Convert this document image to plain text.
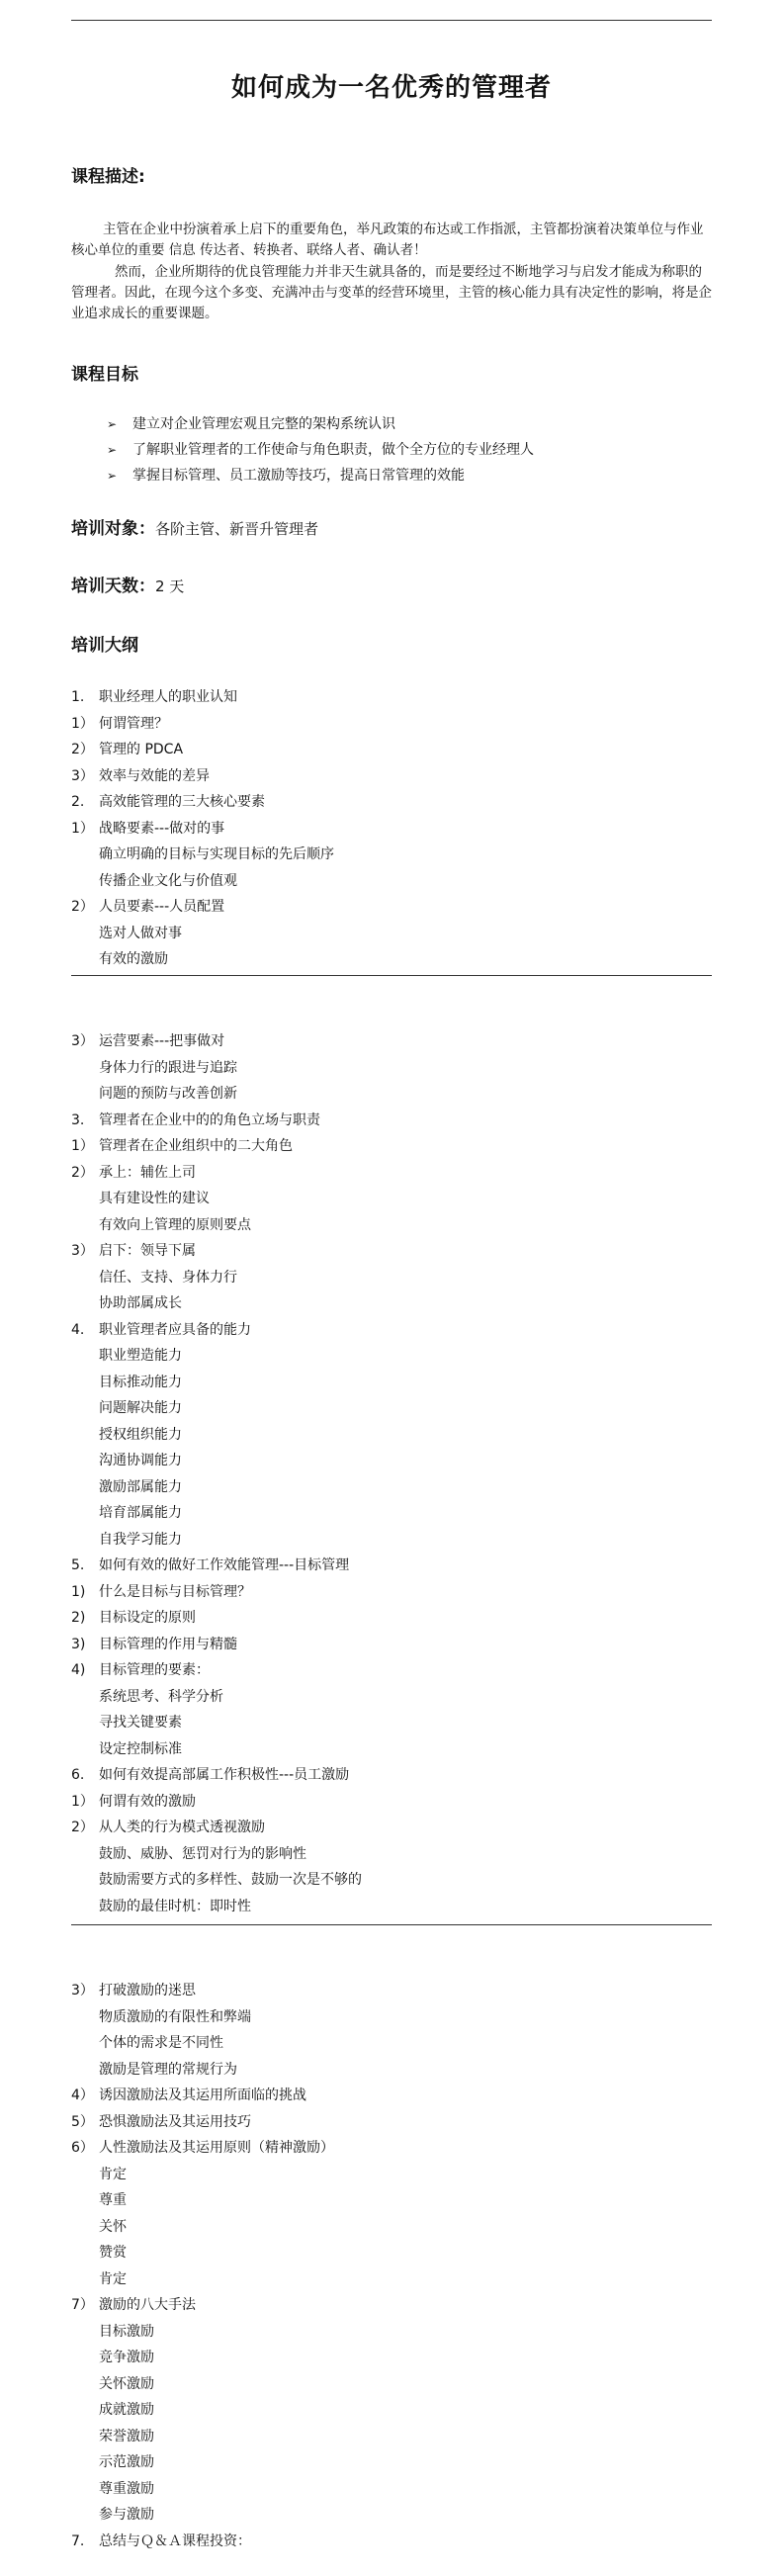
如何成为一名优秀的管理者
课程描述:
主管在企业中扮演着承上启下的重要角色，举凡政策的布达或工作指派，主管都扮演着决策单位与作业核心单位的重要 信息 传达者、转换者、联络人者、确认者！
然而，企业所期待的优良管理能力并非天生就具备的，而是要经过不断地学习与启发才能成为称职的管理者。因此，在现今这个多变、充满冲击与变革的经营环境里，主管的核心能力具有决定性的影响，将是企业追求成长的重要课题。
课程目标
➢ 建立对企业管理宏观且完整的架构系统认识
➢ 了解职业管理者的工作使命与角色职责，做个全方位的专业经理人
➢ 掌握目标管理、员工激励等技巧，提高日常管理的效能
培训对象：各阶主管、新晋升管理者
培训天数：2 天
培训大纲
1. 职业经理人的职业认知
1） 何谓管理？
2） 管理的 PDCA
3） 效率与效能的差异
2. 高效能管理的三大核心要素
1） 战略要素---做对的事
确立明确的目标与实现目标的先后顺序
传播企业文化与价值观
2） 人员要素---人员配置
选对人做对事
有效的激励
3） 运营要素---把事做对
身体力行的跟进与追踪
问题的预防与改善创新
3. 管理者在企业中的的角色立场与职责
1） 管理者在企业组织中的二大角色
2） 承上：辅佐上司
具有建设性的建议
有效向上管理的原则要点
3） 启下：领导下属
信任、支持、身体力行
协助部属成长
4. 职业管理者应具备的能力
职业塑造能力
目标推动能力
问题解决能力
授权组织能力
沟通协调能力
激励部属能力
培育部属能力
自我学习能力
5. 如何有效的做好工作效能管理---目标管理
1) 什么是目标与目标管理？
2) 目标设定的原则
3) 目标管理的作用与精髓
4) 目标管理的要素：
系统思考、科学分析
寻找关键要素
设定控制标准
6. 如何有效提高部属工作积极性---员工激励
1） 何谓有效的激励
2） 从人类的行为模式透视激励
鼓励、威胁、惩罚对行为的影响性
鼓励需要方式的多样性、鼓励一次是不够的
鼓励的最佳时机：即时性
3） 打破激励的迷思
物质激励的有限性和弊端
个体的需求是不同性
激励是管理的常规行为
4） 诱因激励法及其运用所面临的挑战
5） 恐惧激励法及其运用技巧
6） 人性激励法及其运用原则（精神激励）
肯定
尊重
关怀
赞赏
肯定
7） 激励的八大手法
目标激励
竞争激励
关怀激励
成就激励
荣誉激励
示范激励
尊重激励
参与激励
7. 总结与Ｑ＆Ａ课程投资：
